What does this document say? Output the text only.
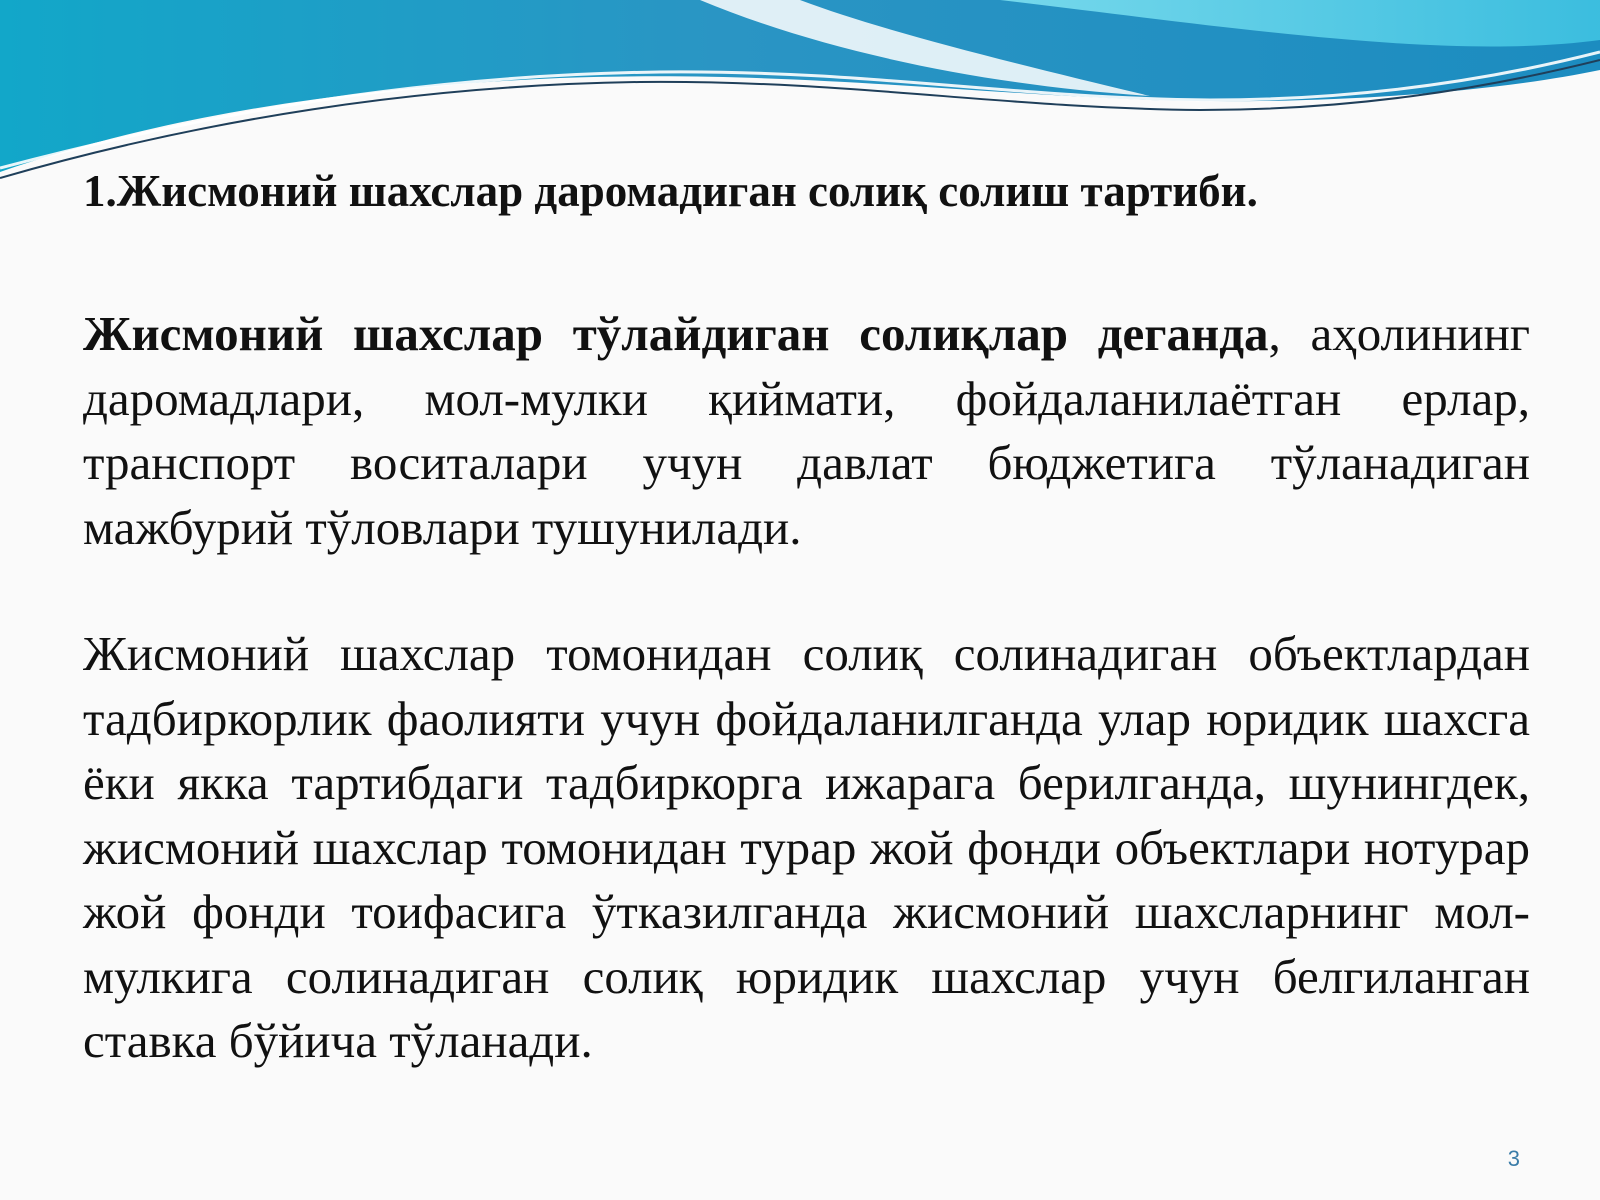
1.Жисмоний шахслар даромадиган солиқ солиш тартиби.

Жисмоний шахслар тўлайдиган солиқлар деганда, аҳолининг даромадлари, мол-мулки қиймати, фойдаланилаётган ерлар, транспорт воситалари учун давлат бюджетига тўланадиган мажбурий тўловлари тушунилади.

Жисмоний шахслар томонидан солиқ солинадиган объектлардан тадбиркорлик фаолияти учун фойдаланилганда улар юридик шахсга ёки якка тартибдаги тадбиркорга ижарага берилганда, шунингдек, жисмоний шахслар томонидан турар жой фонди объектлари нотурар жой фонди тоифасига ўтказилганда жисмоний шахсларнинг мол-мулкига солинадиган солиқ юридик шахслар учун белгиланган ставка бўйича тўланади.

3
